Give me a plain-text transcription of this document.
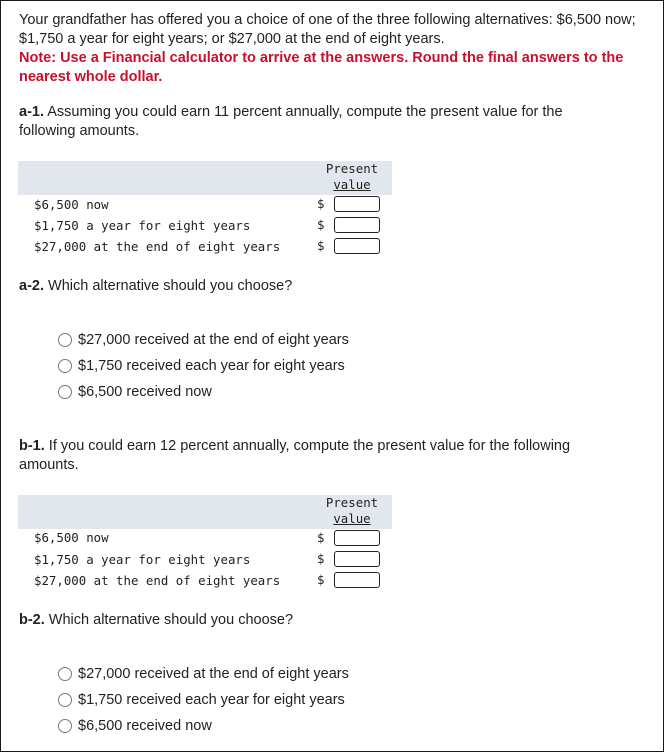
Your grandfather has offered you a choice of one of the three following alternatives: $6,500 now; $1,750 a year for eight years; or $27,000 at the end of eight years.
Note: Use a Financial calculator to arrive at the answers. Round the final answers to the nearest whole dollar.

a-1. Assuming you could earn 11 percent annually, compute the present value for the following amounts.

Present
value
$6,500 now	$
$1,750 a year for eight years	$
$27,000 at the end of eight years	$

a-2. Which alternative should you choose?

$27,000 received at the end of eight years
$1,750 received each year for eight years
$6,500 received now

b-1. If you could earn 12 percent annually, compute the present value for the following amounts.

Present
value
$6,500 now	$
$1,750 a year for eight years	$
$27,000 at the end of eight years	$

b-2. Which alternative should you choose?

$27,000 received at the end of eight years
$1,750 received each year for eight years
$6,500 received now
